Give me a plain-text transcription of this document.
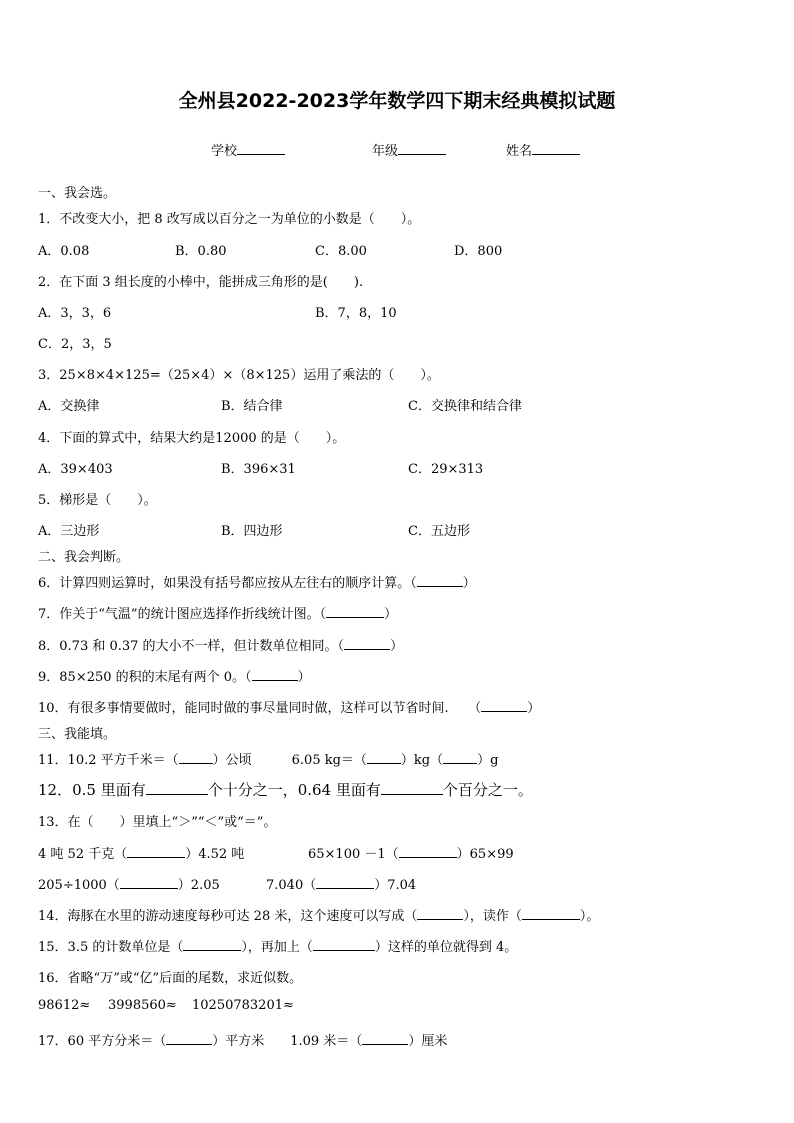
全州县2022-2023学年数学四下期末经典模拟试题
学校	年级	姓名
一、我会选。
1．不改变大小，把 8 改写成以百分之一为单位的小数是（　　）。
A．0.08	B．0.80	C．8.00	D．800
2．在下面 3 组长度的小棒中，能拼成三角形的是(　　).
A．3，3，6	B．7，8，10
C．2，3，5
3．25×8×4×125=（25×4）×（8×125）运用了乘法的（　　）。
A．交换律	B．结合律	C．交换律和结合律
4．下面的算式中，结果大约是12000 的是（　　）。
A．39×403	B．396×31	C．29×313
5．梯形是（　　）。
A．三边形	B．四边形	C．五边形
二、我会判断。
6．计算四则运算时，如果没有括号都应按从左往右的顺序计算。（	）
7．作关于“气温”的统计图应选择作折线统计图。（	）
8．0.73 和 0.37 的大小不一样，但计数单位相同。（	）
9．85×250 的积的末尾有两个 0。（	）
10．有很多事情要做时，能同时做的事尽量同时做，这样可以节省时间.　　（	）
三、我能填。
11．10.2 平方千米＝（	）公顷	6.05 kg＝（	）kg（	）g
12．0.5 里面有	个十分之一，0.64 里面有	个百分之一。
13．在（　　）里填上“＞”“＜”或“＝”。
4 吨 52 千克（	）4.52 吨	65×100 －1（	）65×99
205÷1000（	）2.05	7.040（	）7.04
14．海豚在水里的游动速度每秒可达 28 米，这个速度可以写成（	），读作（	）。
15．3.5 的计数单位是（	），再加上（	）这样的单位就得到 4。
16．省略“万”或“亿”后面的尾数，求近似数。
98612≈ 3998560≈ 10250783201≈
17．60 平方分米＝（	）平方米 1.09 米＝（	）厘米
